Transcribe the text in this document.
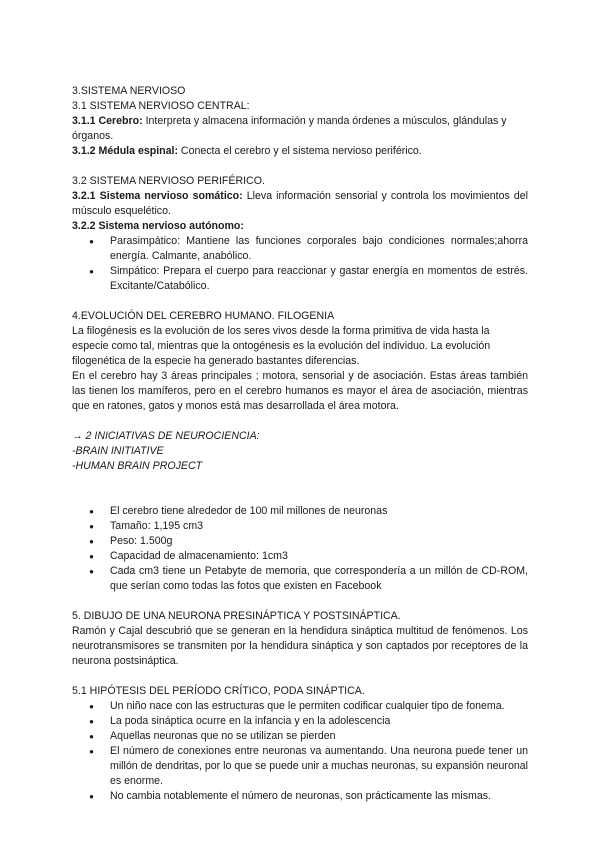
3.SISTEMA NERVIOSO

3.1 SISTEMA NERVIOSO CENTRAL:

3.1.1 Cerebro: Interpreta y almacena información y manda órdenes a músculos, glándulas y órganos.

3.1.2 Médula espinal: Conecta el cerebro y el sistema nervioso periférico.

3.2 SISTEMA NERVIOSO PERIFÉRICO.

3.2.1 Sistema nervioso somático: Lleva información sensorial y controla los movimientos del músculo esquelético.

3.2.2 Sistema nervioso autónomo:

● Parasimpático: Mantiene las funciones corporales bajo condiciones normales;ahorra energía. Calmante, anabólico.
● Simpático: Prepara el cuerpo para reaccionar y gastar energía en momentos de estrés. Excitante/Catabólico.

4.EVOLUCIÓN DEL CEREBRO HUMANO. FILOGENIA

La filogénesis es la evolución de los seres vivos desde la forma primitiva de vida hasta la especie como tal, mientras que la ontogénesis es la evolución del individuo. La evolución filogenética de la especie ha generado bastantes diferencias.

En el cerebro hay 3 áreas principales ; motora, sensorial y de asociación. Estas áreas también las tienen los mamíferos, pero en el cerebro humanos es mayor el área de asociación, mientras que en ratones, gatos y monos está mas desarrollada el área motora.

→ 2 INICIATIVAS DE NEUROCIENCIA:

-BRAIN INITIATIVE

-HUMAN BRAIN PROJECT

● El cerebro tiene alrededor de 100 mil millones de neuronas
● Tamaño: 1,195 cm3
● Peso: 1.500g
● Capacidad de almacenamiento: 1cm3
● Cada cm3 tiene un Petabyte de memoria, que correspondería a un millón de CD-ROM, que serían como todas las fotos que existen en Facebook

5. DIBUJO DE UNA NEURONA PRESINÁPTICA Y POSTSINÁPTICA.

Ramón y Cajal descubrió que se generan en la hendidura sináptica multitud de fenómenos. Los neurotransmisores se transmiten por la hendidura sináptica y son captados por receptores de la neurona postsináptica.

5.1 HIPÓTESIS DEL PERÍODO CRÍTICO, PODA SINÁPTICA.

● Un niño nace con las estructuras que le permiten codificar cualquier tipo de fonema.
● La poda sináptica ocurre en la infancia y en la adolescencia
● Aquellas neuronas que no se utilizan se pierden
● El número de conexiones entre neuronas va aumentando. Una neurona puede tener un millón de dendritas, por lo que se puede unir a muchas neuronas, su expansión neuronal es enorme.
● No cambia notablemente el número de neuronas, son prácticamente las mismas.
